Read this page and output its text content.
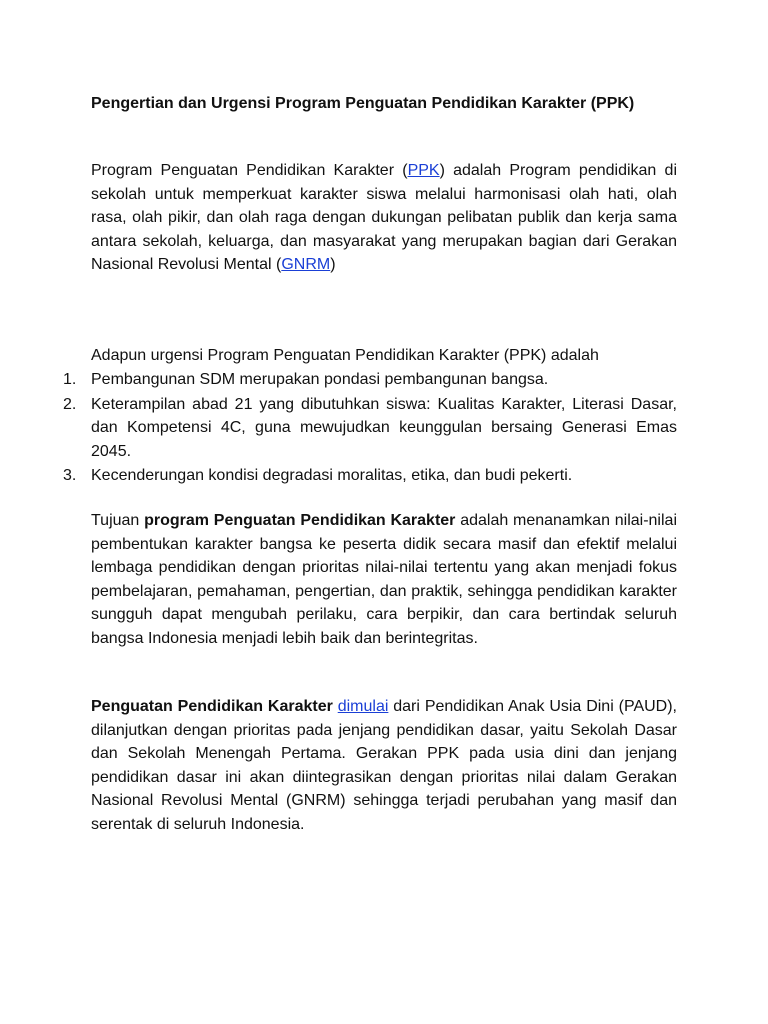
Pengertian dan Urgensi Program Penguatan Pendidikan Karakter (PPK)

Program Penguatan Pendidikan Karakter (PPK) adalah Program pendidikan di sekolah untuk memperkuat karakter siswa melalui harmonisasi olah hati, olah rasa, olah pikir, dan olah raga dengan dukungan pelibatan publik dan kerja sama antara sekolah, keluarga, dan masyarakat yang merupakan bagian dari Gerakan Nasional Revolusi Mental (GNRM)

Adapun urgensi Program Penguatan Pendidikan Karakter (PPK) adalah

1. Pembangunan SDM merupakan pondasi pembangunan bangsa.
2. Keterampilan abad 21 yang dibutuhkan siswa: Kualitas Karakter, Literasi Dasar, dan Kompetensi 4C, guna mewujudkan keunggulan bersaing Generasi Emas 2045.
3. Kecenderungan kondisi degradasi moralitas, etika, dan budi pekerti.

Tujuan program Penguatan Pendidikan Karakter adalah menanamkan nilai-nilai pembentukan karakter bangsa ke peserta didik secara masif dan efektif melalui lembaga pendidikan dengan prioritas nilai-nilai tertentu yang akan menjadi fokus pembelajaran, pemahaman, pengertian, dan praktik, sehingga pendidikan karakter sungguh dapat mengubah perilaku, cara berpikir, dan cara bertindak seluruh bangsa Indonesia menjadi lebih baik dan berintegritas.

Penguatan Pendidikan Karakter dimulai dari Pendidikan Anak Usia Dini (PAUD), dilanjutkan dengan prioritas pada jenjang pendidikan dasar, yaitu Sekolah Dasar dan Sekolah Menengah Pertama. Gerakan PPK pada usia dini dan jenjang pendidikan dasar ini akan diintegrasikan dengan prioritas nilai dalam Gerakan Nasional Revolusi Mental (GNRM) sehingga terjadi perubahan yang masif dan serentak di seluruh Indonesia.
